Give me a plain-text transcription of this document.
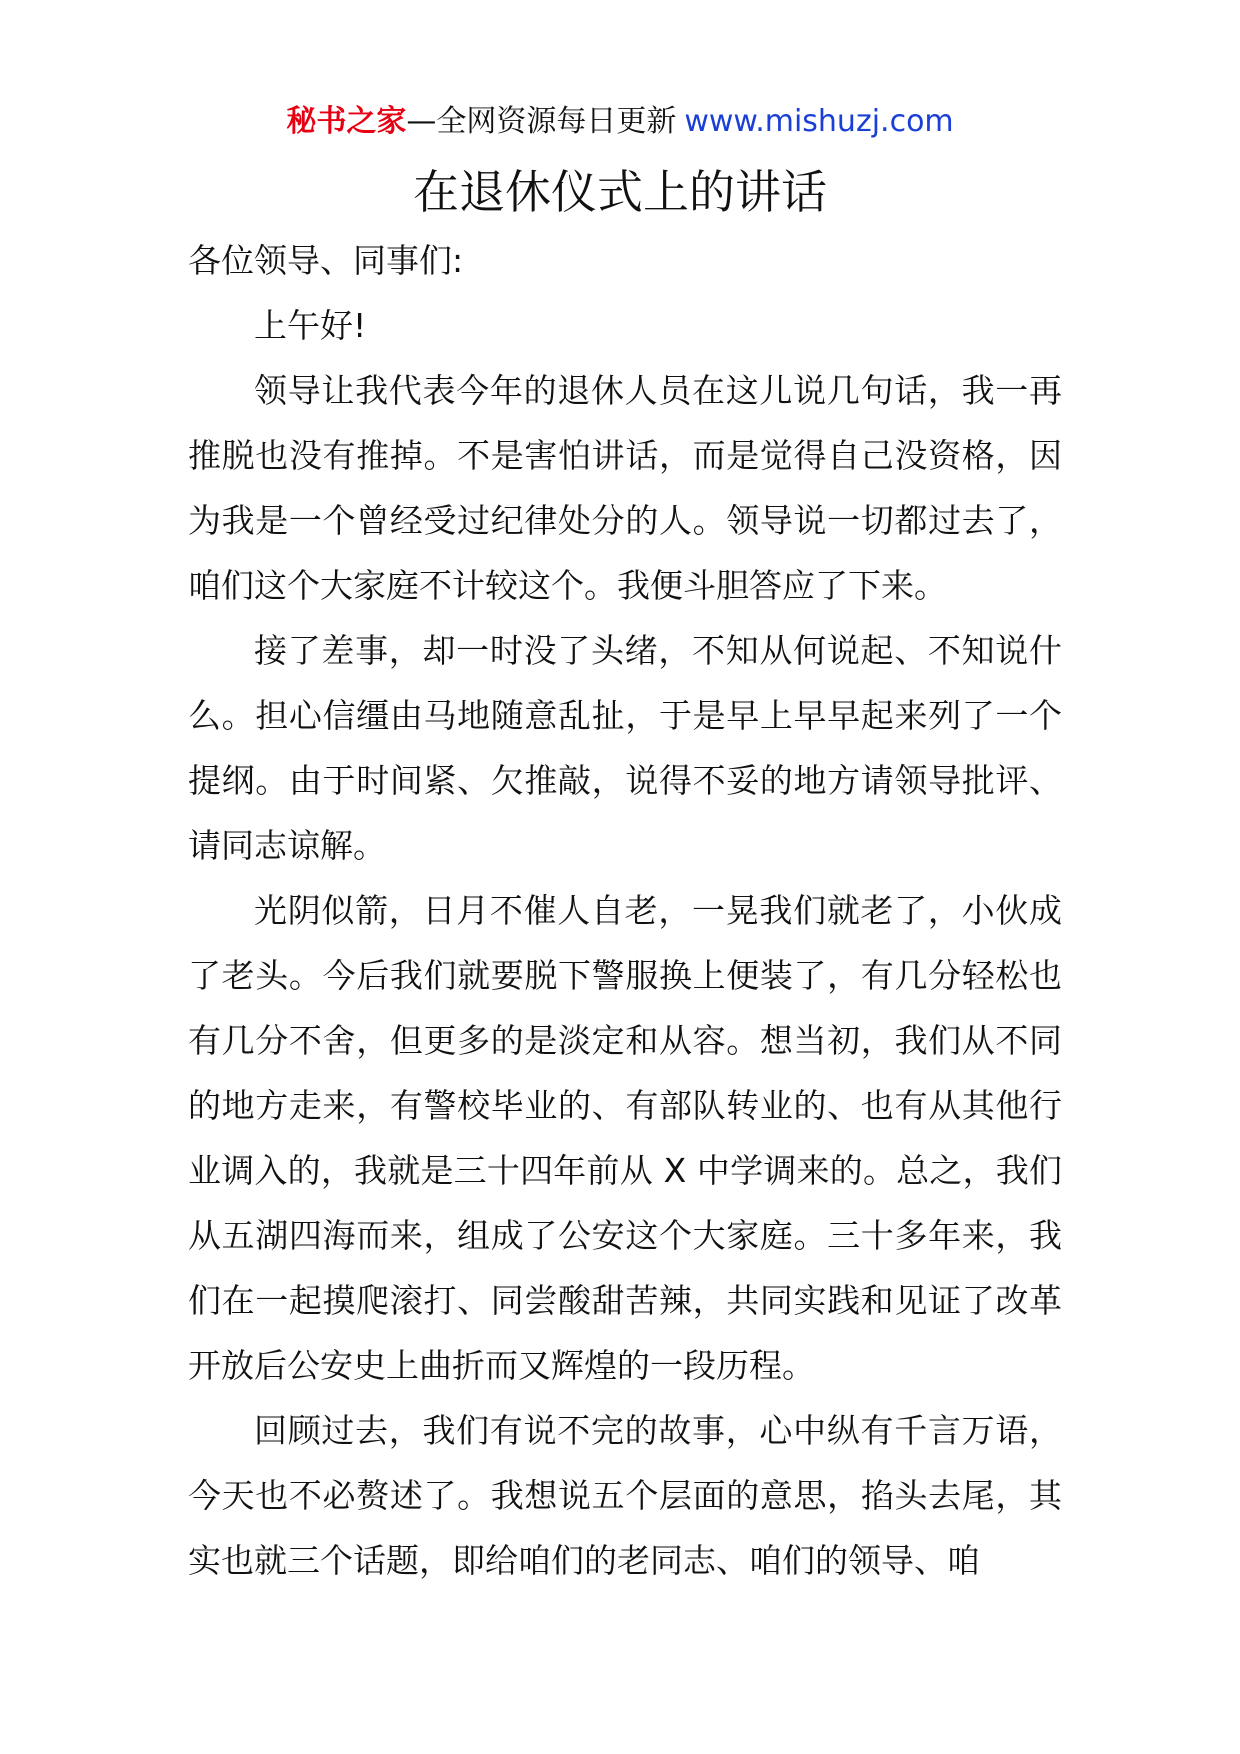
秘书之家—全网资源每日更新 www.mishuzj.com
在退休仪式上的讲话

各位领导、同事们:

上午好!

领导让我代表今年的退休人员在这儿说几句话，我一再推脱也没有推掉。不是害怕讲话，而是觉得自己没资格，因为我是一个曾经受过纪律处分的人。领导说一切都过去了，咱们这个大家庭不计较这个。我便斗胆答应了下来。

接了差事，却一时没了头绪，不知从何说起、不知说什么。担心信缰由马地随意乱扯，于是早上早早起来列了一个提纲。由于时间紧、欠推敲，说得不妥的地方请领导批评、请同志谅解。

光阴似箭，日月不催人自老，一晃我们就老了，小伙成了老头。今后我们就要脱下警服换上便装了，有几分轻松也有几分不舍，但更多的是淡定和从容。想当初，我们从不同的地方走来，有警校毕业的、有部队转业的、也有从其他行业调入的，我就是三十四年前从 X 中学调来的。总之，我们从五湖四海而来，组成了公安这个大家庭。三十多年来，我们在一起摸爬滚打、同尝酸甜苦辣，共同实践和见证了改革开放后公安史上曲折而又辉煌的一段历程。

回顾过去，我们有说不完的故事，心中纵有千言万语，今天也不必赘述了。我想说五个层面的意思，掐头去尾，其实也就三个话题，即给咱们的老同志、咱们的领导、咱
